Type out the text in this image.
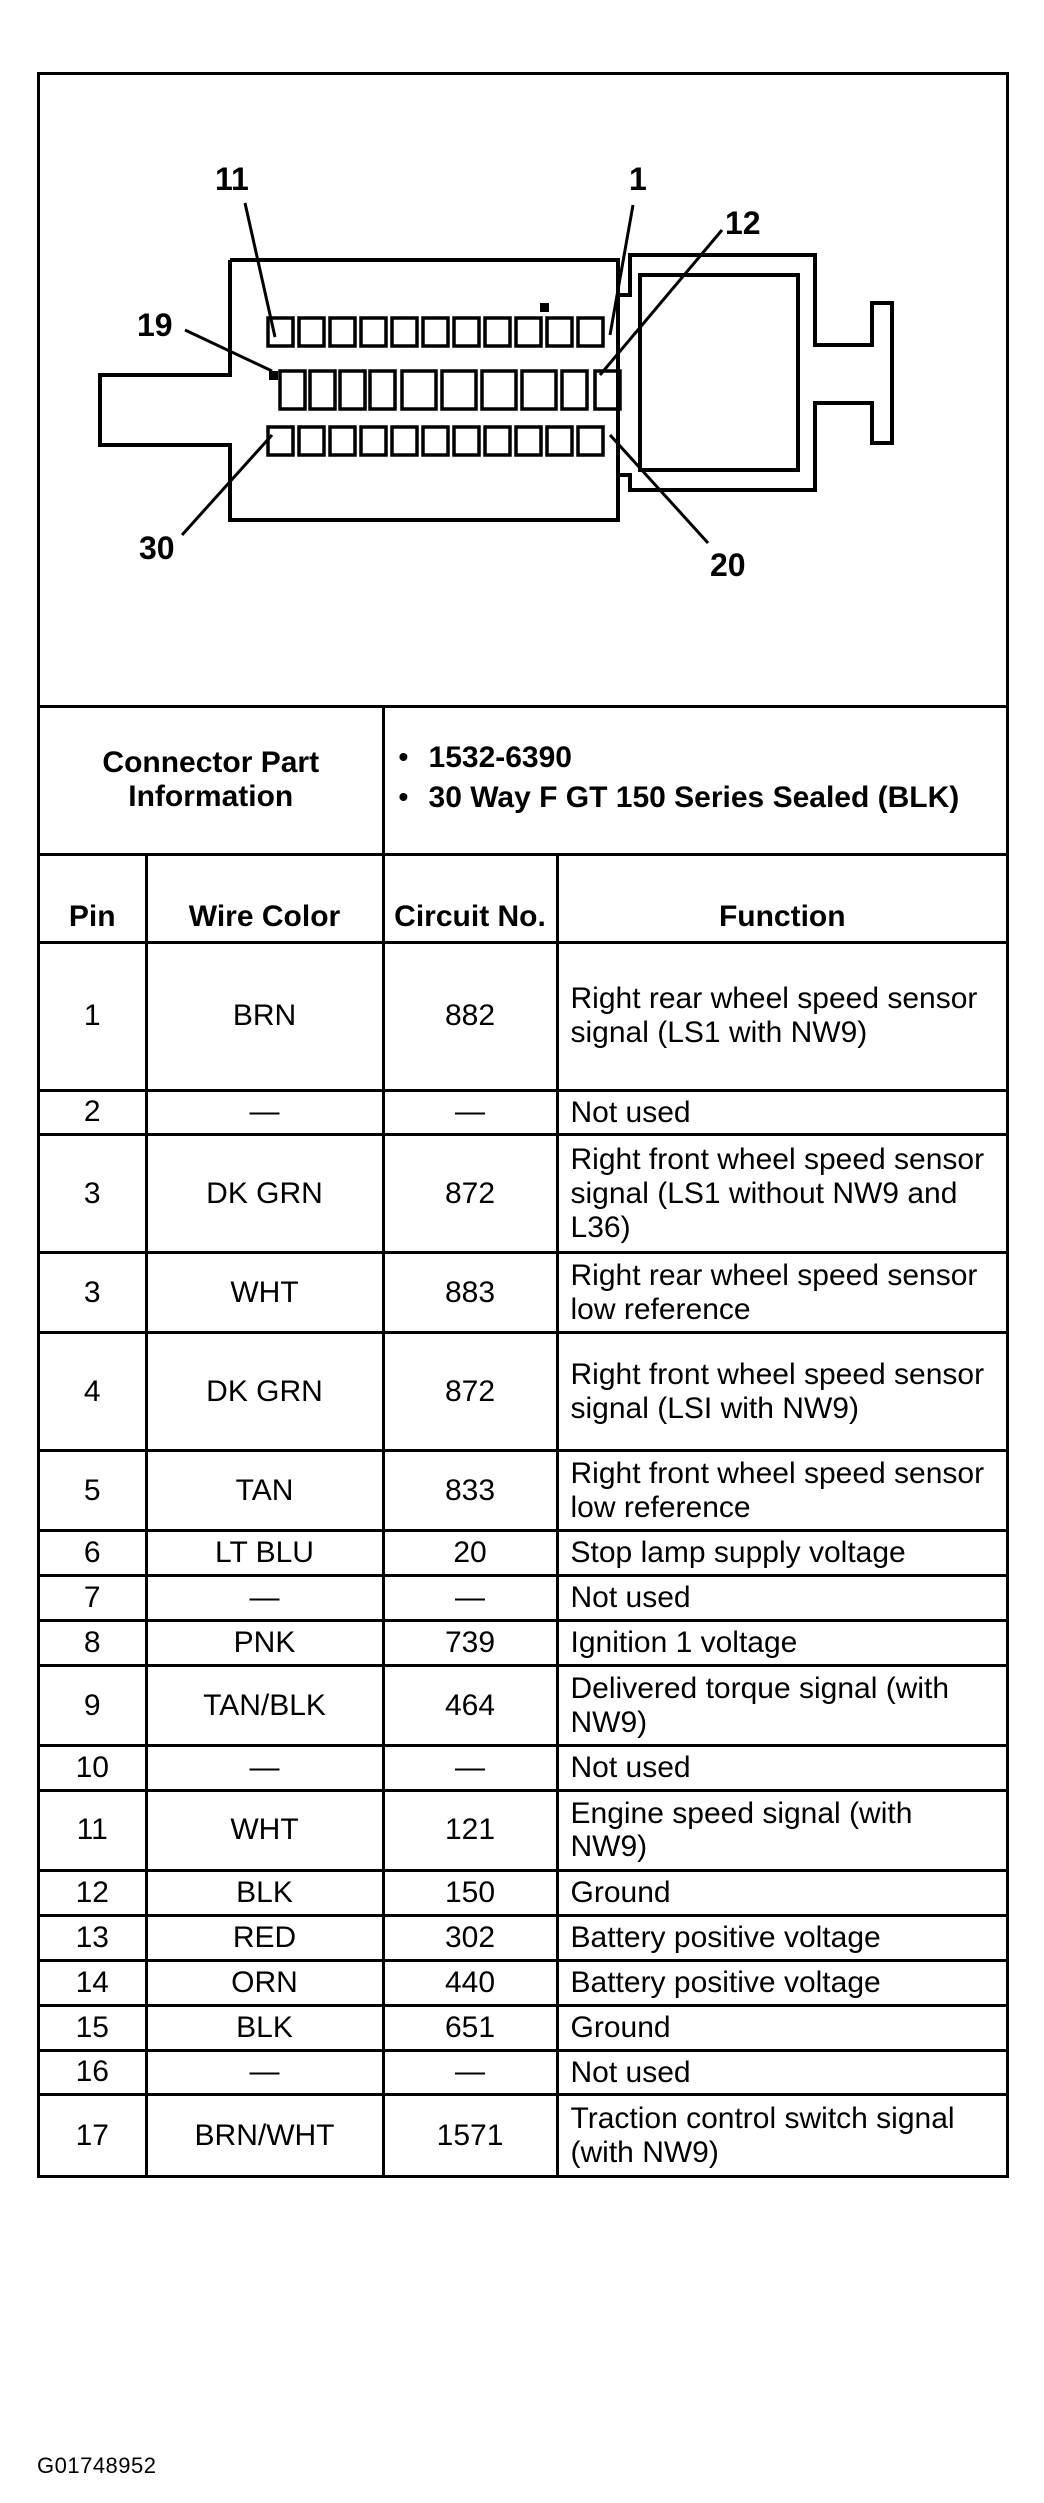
11	1
12
19
30	20
Connector Part Information		• 1532-6390
• 30 Way F GT 150 Series Sealed (BLK)	

Pin	Wire Color	Circuit No.	Function
1	BRN	882	Right rear wheel speed sensor signal (LS1 with NW9)
2	—	—	Not used
3	DK GRN	872	Right front wheel speed sensor signal (LS1 without NW9 and L36)
3	WHT	883	Right rear wheel speed sensor low reference
4	DK GRN	872	Right front wheel speed sensor signal (LSI with NW9)
5	TAN	833	Right front wheel speed sensor low reference
6	LT BLU	20	Stop lamp supply voltage
7	—	—	Not used
8	PNK	739	Ignition 1 voltage
9	TAN/BLK	464	Delivered torque signal (with NW9)
10	—	—	Not used
11	WHT	121	Engine speed signal (with NW9)
12	BLK	150	Ground
13	RED	302	Battery positive voltage
14	ORN	440	Battery positive voltage
15	BLK	651	Ground
16	—	—	Not used
17	BRN/WHT	1571	Traction control switch signal (with NW9)
G01748952
